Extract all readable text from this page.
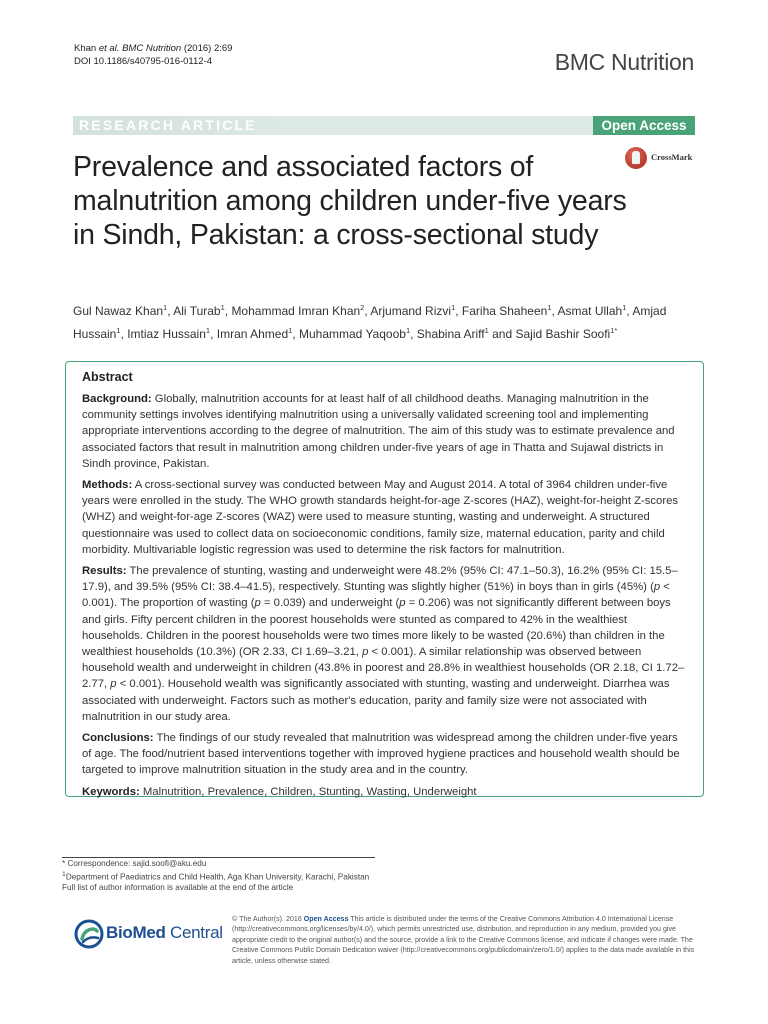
Khan et al. BMC Nutrition (2016) 2:69
DOI 10.1186/s40795-016-0112-4	BMC Nutrition
RESEARCH ARTICLE	Open Access
CrossMark
Prevalence and associated factors of malnutrition among children under-five years in Sindh, Pakistan: a cross-sectional study
Gul Nawaz Khan$^1$, Ali Turab$^1$, Mohammad Imran Khan$^2$, Arjumand Rizvi$^1$, Fariha Shaheen$^1$, Asmat Ullah$^1$, Amjad Hussain$^1$, Imtiaz Hussain$^1$, Imran Ahmed$^1$, Muhammad Yaqoob$^1$, Shabina Ariff$^1$ and Sajid Bashir Soofi$^{1*}$
Abstract

Background: Globally, malnutrition accounts for at least half of all childhood deaths. Managing malnutrition in the community settings involves identifying malnutrition using a universally validated screening tool and implementing appropriate interventions according to the degree of malnutrition. The aim of this study was to estimate prevalence and associated factors that result in malnutrition among children under-five years of age in Thatta and Sujawal districts in Sindh province, Pakistan.

Methods: A cross-sectional survey was conducted between May and August 2014. A total of 3964 children under-five years were enrolled in the study. The WHO growth standards height-for-age Z-scores (HAZ), weight-for-height Z-scores (WHZ) and weight-for-age Z-scores (WAZ) were used to measure stunting, wasting and underweight. A structured questionnaire was used to collect data on socioeconomic conditions, family size, maternal education, parity and child morbidity. Multivariable logistic regression was used to determine the risk factors for malnutrition.

Results: The prevalence of stunting, wasting and underweight were 48.2% (95% CI: 47.1–50.3), 16.2% (95% CI: 15.5–17.9), and 39.5% (95% CI: 38.4–41.5), respectively. Stunting was slightly higher (51%) in boys than in girls (45%) (p < 0.001). The proportion of wasting (p = 0.039) and underweight (p = 0.206) was not significantly different between boys and girls. Fifty percent children in the poorest households were stunted as compared to 42% in the wealthiest households. Children in the poorest households were two times more likely to be wasted (20.6%) than children in the wealthiest households (10.3%) (OR 2.33, CI 1.69–3.21, p < 0.001). A similar relationship was observed between household wealth and underweight in children (43.8% in poorest and 28.8% in wealthiest households (OR 2.18, CI 1.72–2.77, p < 0.001). Household wealth was significantly associated with stunting, wasting and underweight. Diarrhea was associated with underweight. Factors such as mother's education, parity and family size were not associated with malnutrition in our study area.

Conclusions: The findings of our study revealed that malnutrition was widespread among the children under-five years of age. The food/nutrient based interventions together with improved hygiene practices and household wealth should be targeted to improve malnutrition situation in the study area and in the country.

Keywords: Malnutrition, Prevalence, Children, Stunting, Wasting, Underweight

* Correspondence: sajid.soofi@aku.edu

$^1$Department of Paediatrics and Child Health, Aga Khan University, Karachi, Pakistan

Full list of author information is available at the end of the article

BioMed Central
© The Author(s). 2016 Open Access This article is distributed under the terms of the Creative Commons Attribution 4.0 International License (http://creativecommons.org/licenses/by/4.0/), which permits unrestricted use, distribution, and reproduction in any medium, provided you give appropriate credit to the original author(s) and the source, provide a link to the Creative Commons license, and indicate if changes were made. The Creative Commons Public Domain Dedication waiver (http://creativecommons.org/publicdomain/zero/1.0/) applies to the data made available in this article, unless otherwise stated.
